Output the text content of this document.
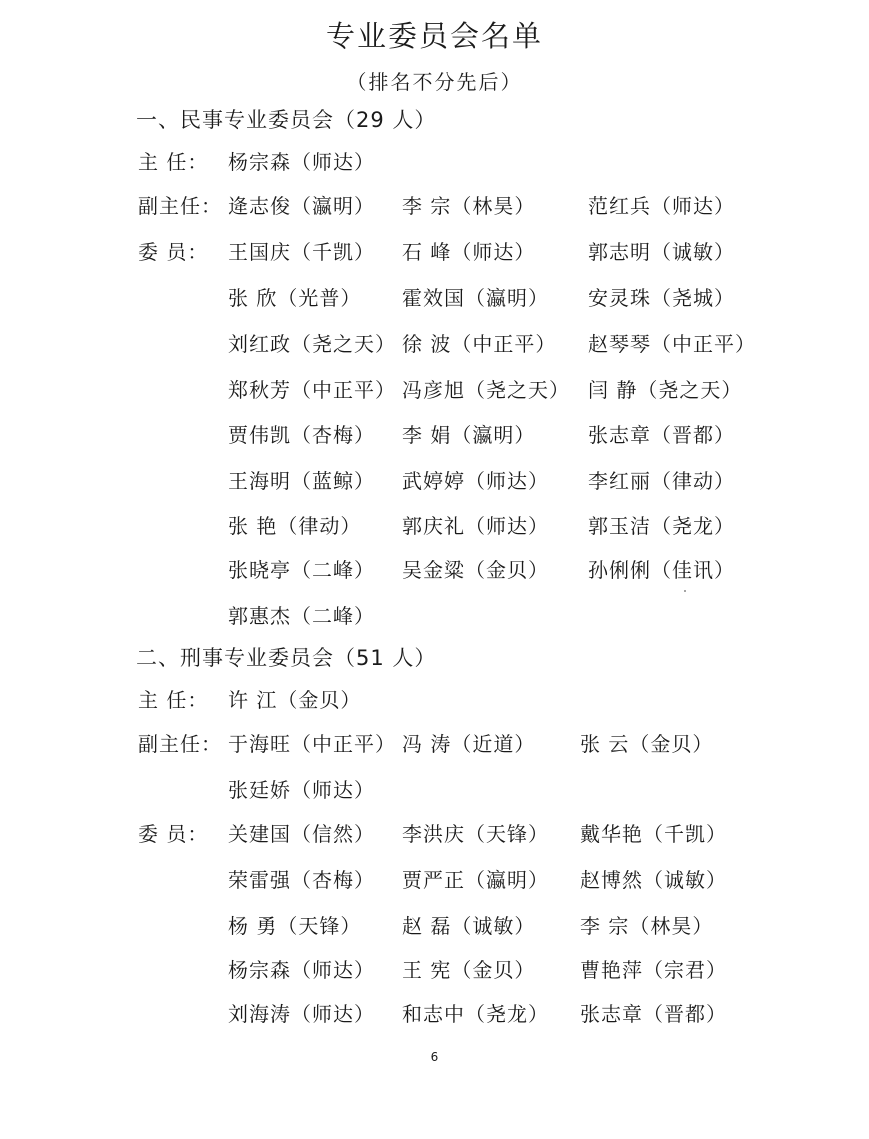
专业委员会名单
（排名不分先后）
一、民事专业委员会（29 人）
主 任： 杨宗森（师达）
副主任： 逄志俊（瀛明） 李 宗（林昊）	范红兵（师达）
委 员： 王国庆（千凯） 石 峰（师达）	郭志明（诚敏）
张 欣（光普） 霍效国（瀛明） 安灵珠（尧城）
刘红政（尧之天） 徐 波（中正平） 赵琴琴（中正平）
郑秋芳（中正平） 冯彦旭（尧之天） 闫 静（尧之天）
贾伟凯（杏梅） 李 娟（瀛明）	张志章（晋都）
王海明（蓝鲸） 武婷婷（师达） 李红丽（律动）
张 艳（律动） 郭庆礼（师达） 郭玉洁（尧龙）
张晓亭（二峰） 吴金粱（金贝） 孙俐俐（佳讯）
郭惠杰（二峰）
二、刑事专业委员会（51 人）
主 任： 许 江（金贝）
副主任： 于海旺（中正平） 冯 涛（近道） 张 云（金贝）
张廷娇（师达）
委 员： 关建国（信然） 李洪庆（天锋） 戴华艳（千凯）
荣雷强（杏梅） 贾严正（瀛明） 赵博然（诚敏）
杨 勇（天锋） 赵 磊（诚敏） 李 宗（林昊）
杨宗森（师达） 王 宪（金贝） 曹艳萍（宗君）
刘海涛（师达） 和志中（尧龙） 张志章（晋都）
6
